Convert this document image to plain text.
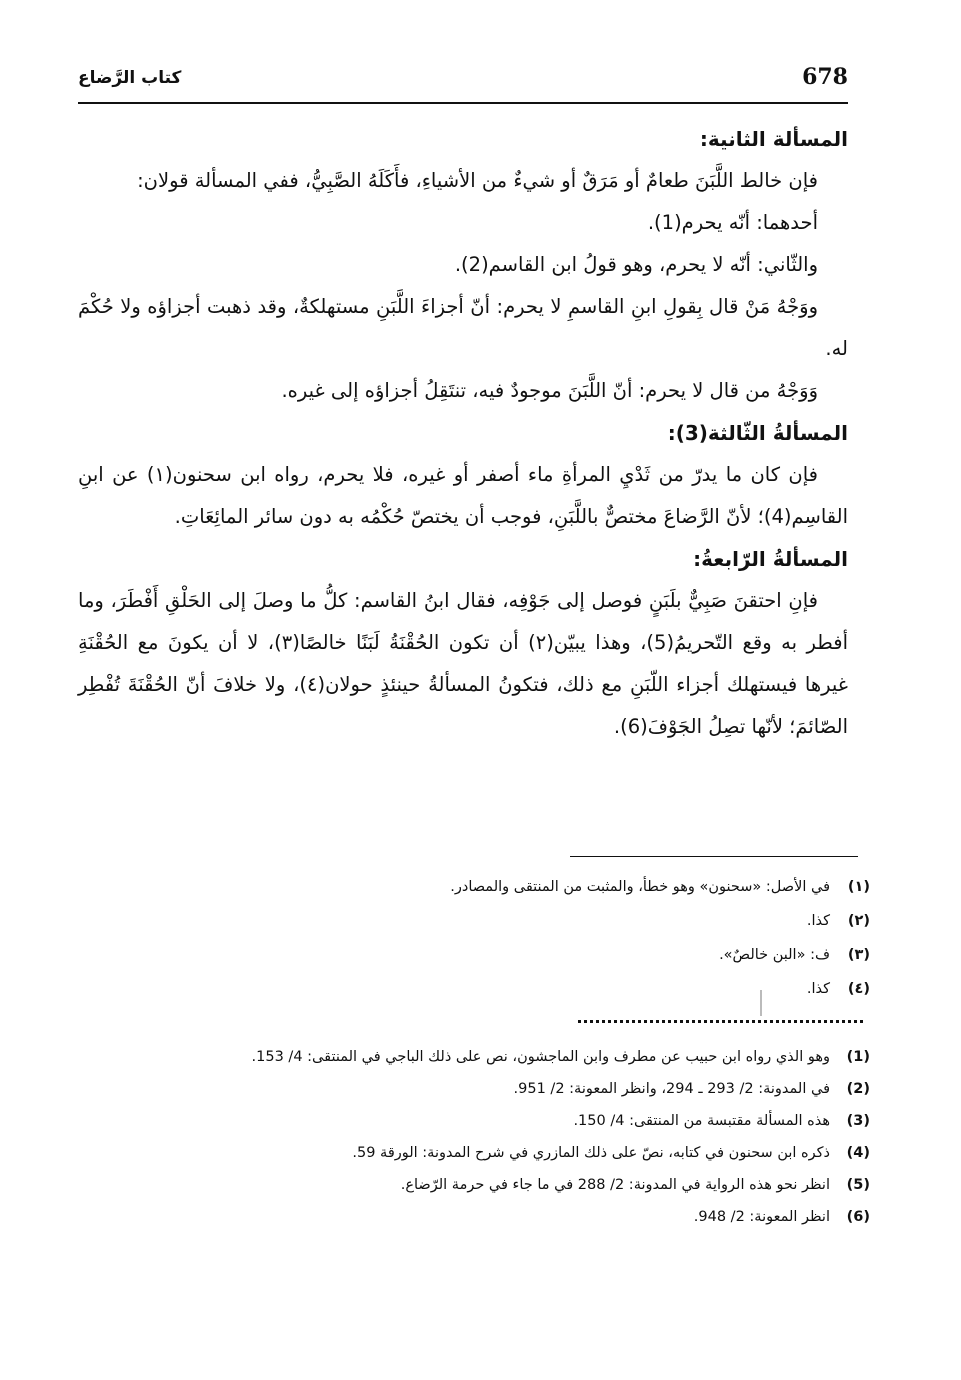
678
كتاب الرَّضاع
المسألة الثانية:

فإن خالط اللَّبَنَ طعامٌ أو مَرَقٌ أو شيءٌ من الأشياءِ، فأَكَلَهُ الصَّبِيُّ، ففي المسألة قولان:

أحدهما: أنّه يحرم(1).

والثّاني: أنّه لا يحرم، وهو قولُ ابن القاسم(2).

ووَجْهُ مَنْ قال بِقولِ ابنِ القاسمِ لا يحرم: أنّ أجزاءَ اللَّبَنِ مستهلكةٌ، وقد ذهبت أجزاؤه ولا حُكْمَ له.

وَوَجْهُ من قال لا يحرم: أنّ اللَّبَنَ موجودٌ فيه، تنتَقِلُ أجزاؤه إلى غيره.

المسألةُ الثّالثة(3):

فإن كان ما يدرّ من ثَدْيِ المرأةِ ماء أصفر أو غيره، فلا يحرم، رواه ابن سحنون(١) عن ابنِ القاسِم(4)؛ لأنّ الرَّضاعَ مختصٌّ باللَّبَنِ، فوجب أن يختصّ حُكْمُه به دون سائر المائِعَاتِ.

المسألةُ الرّابعةُ:

فإنِ احتقنَ صَبِيٌّ بلَبَنٍ فوصل إلى جَوْفِه، فقال ابنُ القاسم: كلُّ ما وصلَ إلى الحَلْقِ أَفْطَرَ، وما أفطر به وقع التّحريمُ(5)، وهذا يبيّن(٢) أن تكون الحُقْنَةُ لَبَنًا خالصًا(٣)، لا أن يكونَ مع الحُقْنَةِ غيرها فيستهلك أجزاء اللّبَنِ مع ذلك، فتكونُ المسألةُ حينئذٍ حولان(٤)، ولا خلافَ أنّ الحُقْنَةَ تُفْطِر الصّائمَ؛ لأنّها تصِلُ الجَوْفَ(6).

(١)
في الأصل: «سحنون» وهو خطأ، والمثبت من المنتقى والمصادر.
(٢)
كذا.
(٣)
ف: «البن خالصٌ».
(٤)
كذا.
(1)
وهو الذي رواه ابن حبيب عن مطرف وابن الماجشون، نص على ذلك الباجي في المنتقى: 4/ 153.
(2)
في المدونة: 2/ 293 ـ 294، وانظر المعونة: 2/ 951.
(3)
هذه المسألة مقتبسة من المنتقى: 4/ 150.
(4)
ذكره ابن سحنون في كتابه، نصّ على ذلك المازري في شرح المدونة: الورقة 59.
(5)
انظر نحو هذه الرواية في المدونة: 2/ 288 في ما جاء في حرمة الرّضاع.
(6)
انظر المعونة: 2/ 948.
